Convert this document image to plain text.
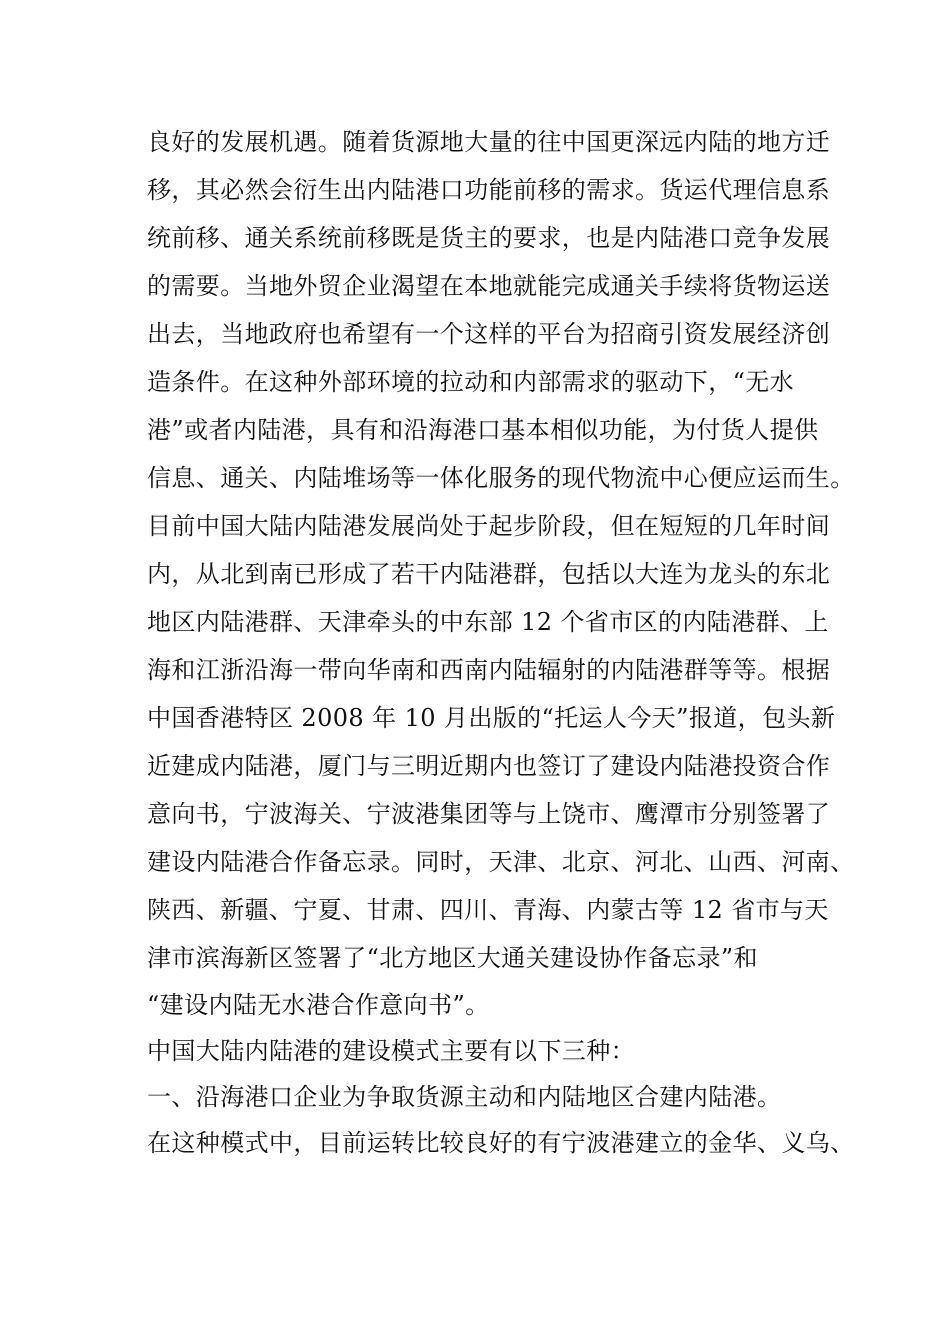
良好的发展机遇。随着货源地大量的往中国更深远内陆的地方迁
移，其必然会衍生出内陆港口功能前移的需求。货运代理信息系
统前移、通关系统前移既是货主的要求，也是内陆港口竞争发展
的需要。当地外贸企业渴望在本地就能完成通关手续将货物运送
出去，当地政府也希望有一个这样的平台为招商引资发展经济创
造条件。在这种外部环境的拉动和内部需求的驱动下，“无水
港”或者内陆港，具有和沿海港口基本相似功能，为付货人提供
信息、通关、内陆堆场等一体化服务的现代物流中心便应运而生。
目前中国大陆内陆港发展尚处于起步阶段，但在短短的几年时间
内，从北到南已形成了若干内陆港群，包括以大连为龙头的东北
地区内陆港群、天津牵头的中东部 12 个省市区的内陆港群、上
海和江浙沿海一带向华南和西南内陆辐射的内陆港群等等。根据
中国香港特区 2008 年 10 月出版的“托运人今天”报道，包头新
近建成内陆港，厦门与三明近期内也签订了建设内陆港投资合作
意向书，宁波海关、宁波港集团等与上饶市、鹰潭市分别签署了
建设内陆港合作备忘录。同时，天津、北京、河北、山西、河南、
陕西、新疆、宁夏、甘肃、四川、青海、内蒙古等 12 省市与天
津市滨海新区签署了“北方地区大通关建设协作备忘录”和
“建设内陆无水港合作意向书”。
中国大陆内陆港的建设模式主要有以下三种：
一、沿海港口企业为争取货源主动和内陆地区合建内陆港。
在这种模式中，目前运转比较良好的有宁波港建立的金华、义乌、
